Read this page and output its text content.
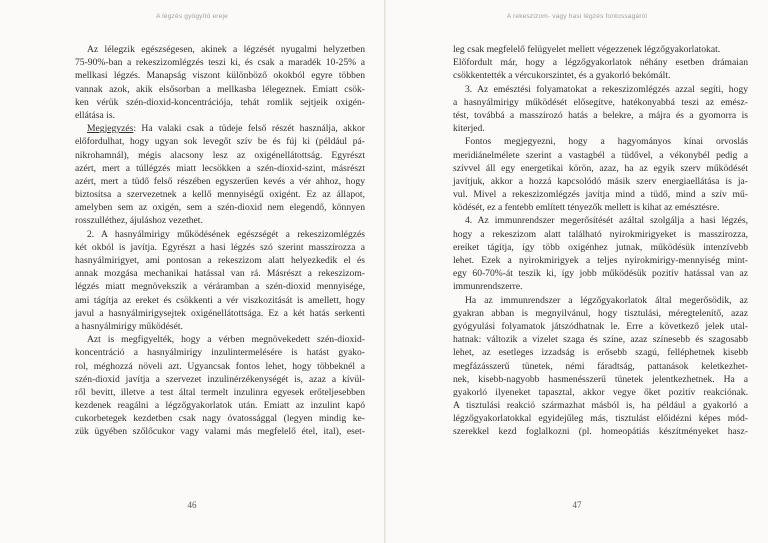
A légzés gyógyító ereje
Az lélegzik egészségesen, akinek a légzését nyugalmi helyzetben
75-90%-ban a rekeszizomlégzés teszi ki, és csak a maradék 10-25% a
mellkasi légzés. Manapság viszont különböző okokból egyre többen
vannak azok, akik elsősorban a mellkasba lélegeznek. Emiatt csök-
ken vérük szén-dioxid-koncentrációja, tehát romlik sejtjeik oxigén-
ellátása is.
Megjegyzés: Ha valaki csak a tüdeje felső részét használja, akkor
előfordulhat, hogy ugyan sok levegőt szív be és fúj ki (például pá-
nikrohamnál), mégis alacsony lesz az oxigénellátottság. Egyrészt
azért, mert a túllégzés miatt lecsökken a szén-dioxid-szint, másrészt
azért, mert a tüdő felső részében egyszerűen kevés a vér ahhoz, hogy
biztosítsa a szervezetnek a kellő mennyiségű oxigént. Ez az állapot,
amelyben sem az oxigén, sem a szén-dioxid nem elegendő, könnyen
rosszulléthez, ájuláshoz vezethet.
2. A hasnyálmirigy működésének egészségét a rekeszizomlégzés
két okból is javítja. Egyrészt a hasi légzés szó szerint masszírozza a
hasnyálmirigyet, ami pontosan a rekeszizom alatt helyezkedik el és
annak mozgása mechanikai hatással van rá. Másrészt a rekeszizom-
légzés miatt megnövekszik a véráramban a szén-dioxid mennyisége,
ami tágítja az ereket és csökkenti a vér viszkozitását is amellett, hogy
javul a hasnyálmirigysejtek oxigénellátottsága. Ez a két hatás serkenti
a hasnyálmirigy működését.
Azt is megfigyelték, hogy a vérben megnövekedett szén-dioxid-
koncentráció a hasnyálmirigy inzulintermelésére is hatást gyako-
rol, méghozzá növeli azt. Ugyancsak fontos lehet, hogy többeknél a
szén-dioxid javítja a szervezet inzulinérzékenységét is, azaz a kívül-
ről bevitt, illetve a test által termelt inzulinra egyesek erőteljesebben
kezdenek reagálni a légzőgyakorlatok után. Emiatt az inzulint kapó
cukorbetegek kezdetben csak nagy óvatossággal (legyen mindig ke-
zük ügyében szőlőcukor vagy valami más megfelelő étel, ital), eset-
46
A rekeszizom- vagy hasi légzés fontossagáról
leg csak megfelelő felügyelet mellett végezzenek légzőgyakorlatokat.
Előfordult már, hogy a légzőgyakorlatok néhány esetben drámaian
csökkentették a vércukorszintet, és a gyakorló bekómált.
3. Az emésztési folyamatokat a rekeszizomlégzés azzal segíti, hogy
a hasnyálmirigy működését elősegítve, hatékonyabbá teszi az emész-
tést, továbbá a masszírozó hatás a belekre, a májra és a gyomorra is
kiterjed.
Fontos megjegyezni, hogy a hagyományos kínai orvoslás
meridiánelmélete szerint a vastagbél a tüdővel, a vékonybél pedig a
szívvel áll egy energetikai körön, azaz, ha az egyik szerv működését
javítjuk, akkor a hozzá kapcsolódó másik szerv energiaellátása is ja-
vul. Mivel a rekeszizomlégzés javítja mind a tüdő, mind a szív mű-
ködését, ez a fentebb említett tényezők mellett is kihat az emésztésre.
4. Az immunrendszer megerősítését azáltal szolgálja a hasi légzés,
hogy a rekeszizom alatt található nyirokmirigyeket is masszírozza,
ereiket tágítja, így több oxigénhez jutnak, működésük intenzívebb
lehet. Ezek a nyirokmirigyek a teljes nyirokmirigy-mennyiség mint-
egy 60-70%-át teszik ki, így jobb működésük pozitív hatással van az
immunrendszerre.
Ha az immunrendszer a légzőgyakorlatok által megerősödik, az
gyakran abban is megnyilvánul, hogy tisztulási, méregtelenítő, azaz
gyógyulási folyamatok játszódhatnak le. Erre a következő jelek utal-
hatnak: változik a vizelet szaga és színe, azaz színesebb és szagosabb
lehet, az esetleges izzadság is erősebb szagú, felléphetnek kisebb
megfázásszerű tünetek, némi fáradtság, pattanások keletkezhet-
nek, kisebb-nagyobb hasmenésszerű tünetek jelentkezhetnek. Ha a
gyakorló ilyeneket tapasztal, akkor vegye őket pozitív reakciónak.
A tisztulási reakció származhat másból is, ha például a gyakorló a
légzőgyakorlatokkal egyidejűleg más, tisztulást előidézni képes mód-
szerekkel kezd foglalkozni (pl. homeopátiás készítményeket hasz-
47
